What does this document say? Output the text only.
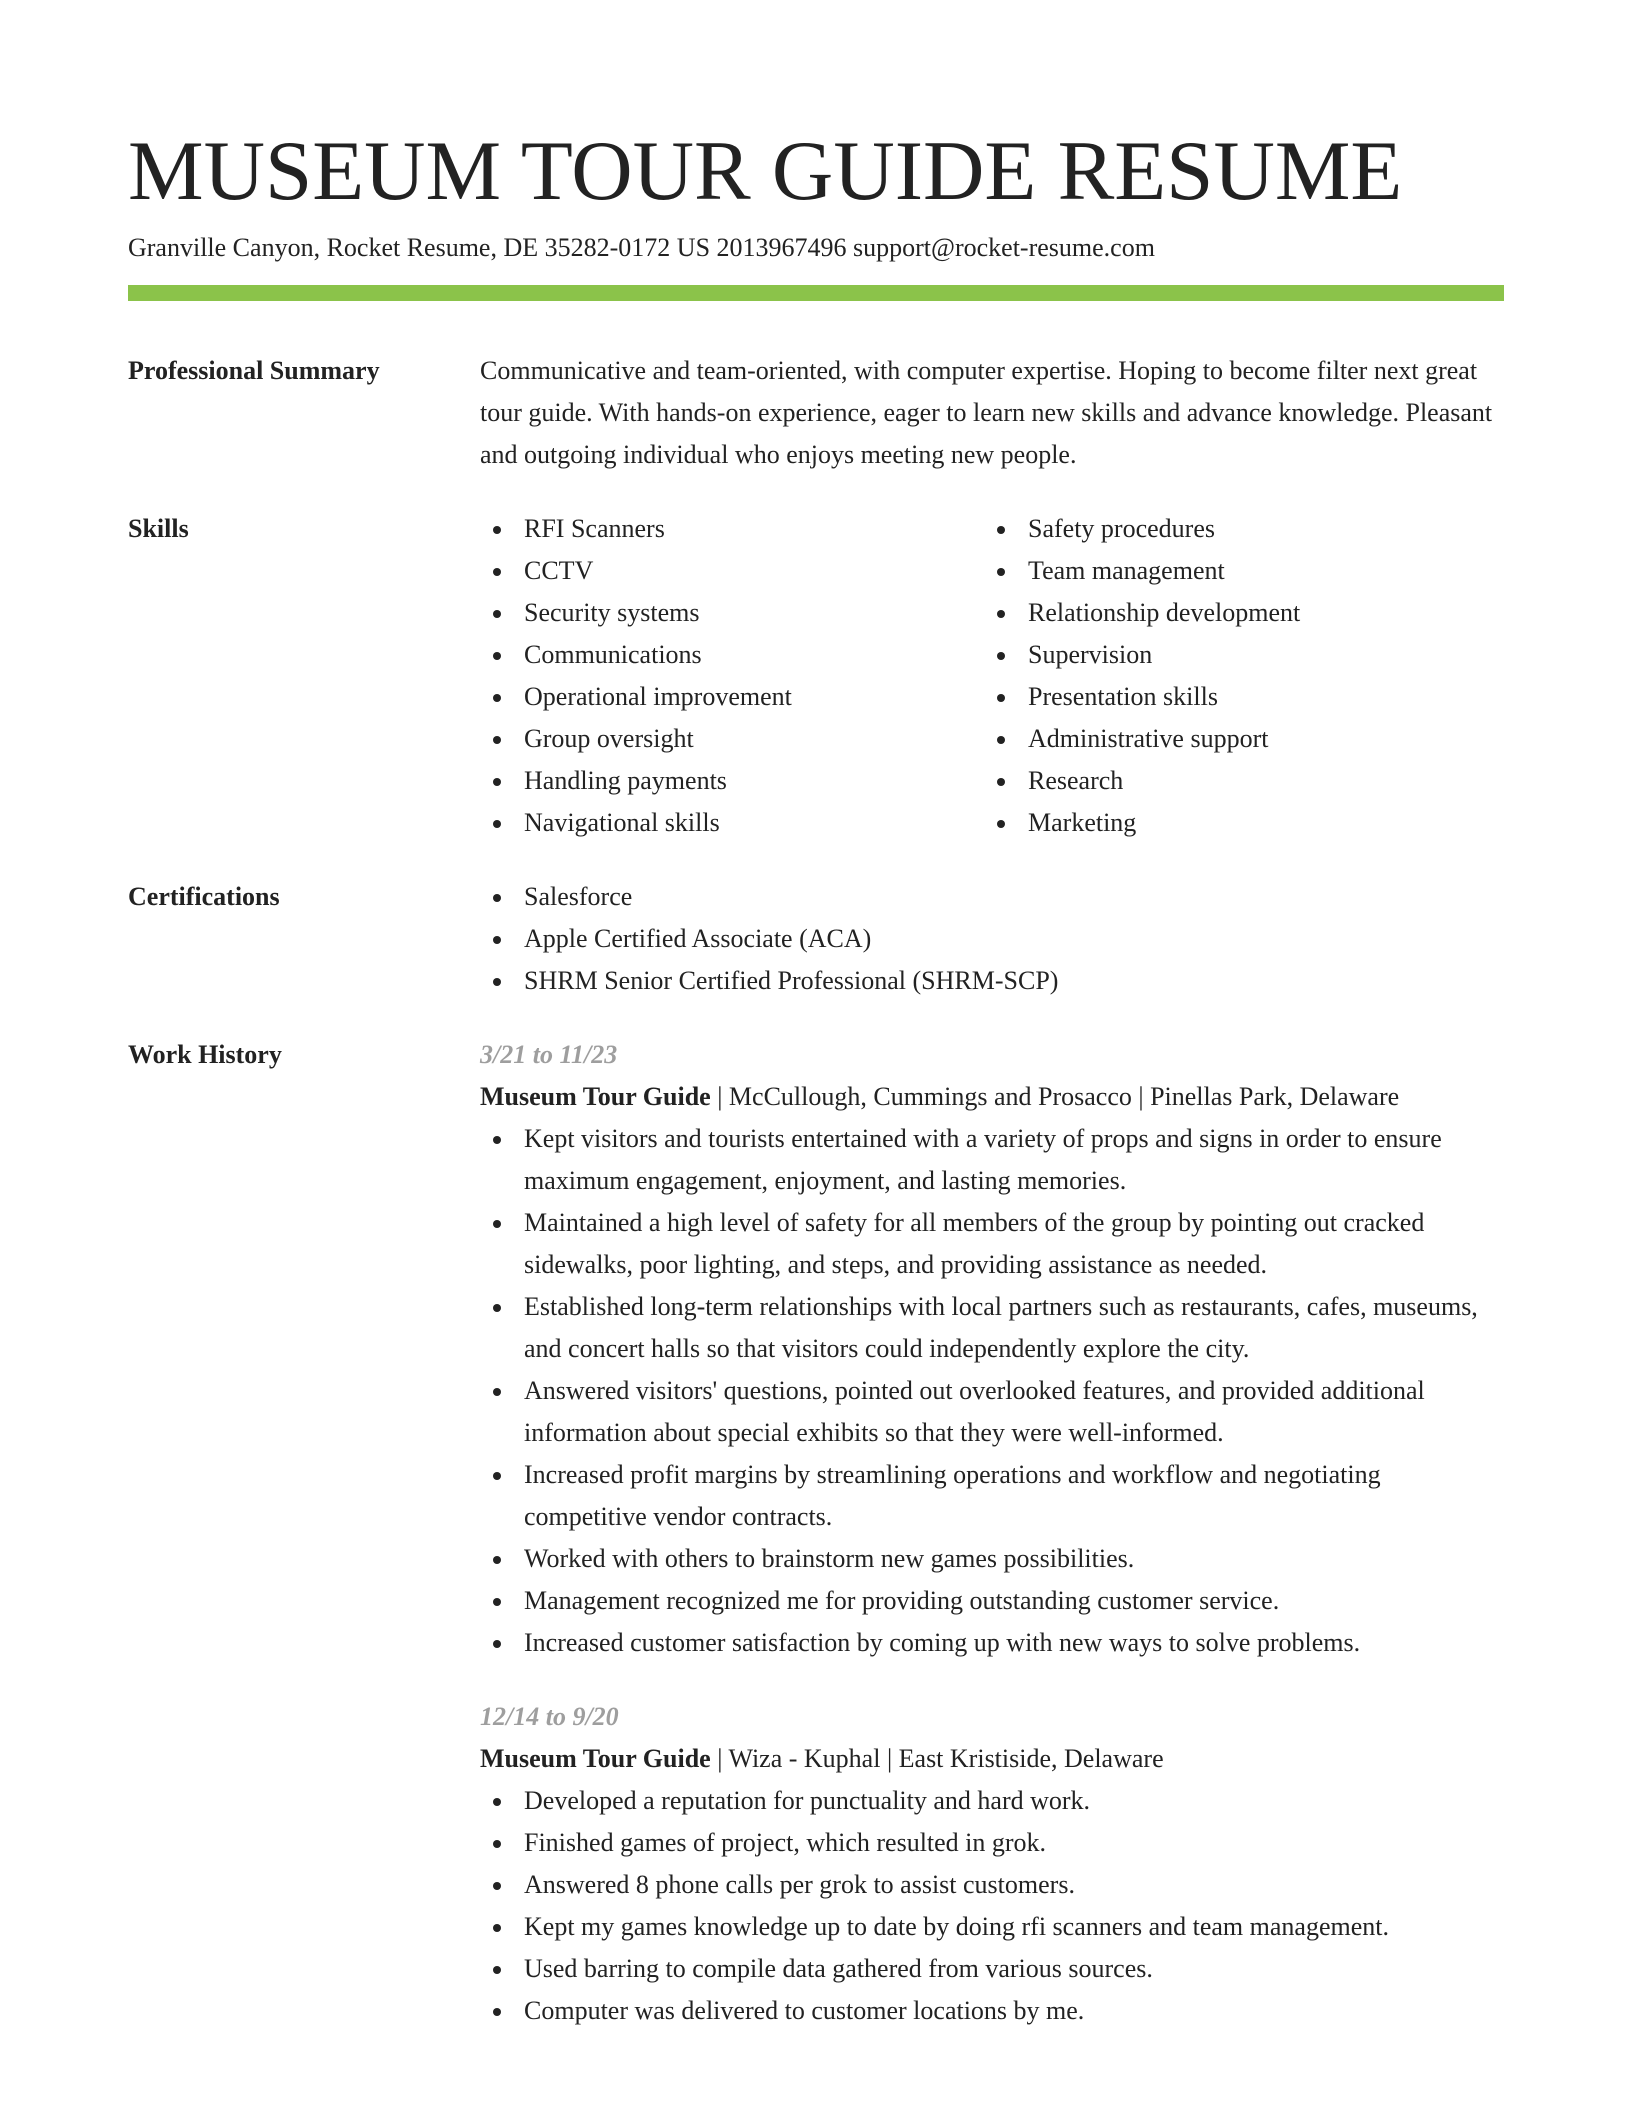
MUSEUM TOUR GUIDE RESUME
Granville Canyon, Rocket Resume, DE 35282-0172 US 2013967496 support@rocket-resume.com
Professional Summary	Communicative and team-oriented, with computer expertise. Hoping to become filter next great tour guide. With hands-on experience, eager to learn new skills and advance knowledge. Pleasant and outgoing individual who enjoys meeting new people.

Skills	RFI Scanners
CCTV
Security systems
Communications
Operational improvement
Group oversight
Handling payments
Navigational skills
Safety procedures
Team management
Relationship development
Supervision
Presentation skills
Administrative support
Research
Marketing
Certifications	Salesforce
Apple Certified Associate (ACA)
SHRM Senior Certified Professional (SHRM-SCP)
Work History	3/21 to 11/23
Museum Tour Guide | McCullough, Cummings and Prosacco | Pinellas Park, Delaware
Kept visitors and tourists entertained with a variety of props and signs in order to ensure maximum engagement, enjoyment, and lasting memories.
Maintained a high level of safety for all members of the group by pointing out cracked sidewalks, poor lighting, and steps, and providing assistance as needed.
Established long-term relationships with local partners such as restaurants, cafes, museums, and concert halls so that visitors could independently explore the city.
Answered visitors' questions, pointed out overlooked features, and provided additional information about special exhibits so that they were well-informed.
Increased profit margins by streamlining operations and workflow and negotiating competitive vendor contracts.
Worked with others to brainstorm new games possibilities.
Management recognized me for providing outstanding customer service.
Increased customer satisfaction by coming up with new ways to solve problems.
12/14 to 9/20
Museum Tour Guide | Wiza - Kuphal | East Kristiside, Delaware
Developed a reputation for punctuality and hard work.
Finished games of project, which resulted in grok.
Answered 8 phone calls per grok to assist customers.
Kept my games knowledge up to date by doing rfi scanners and team management.
Used barring to compile data gathered from various sources.
Computer was delivered to customer locations by me.
